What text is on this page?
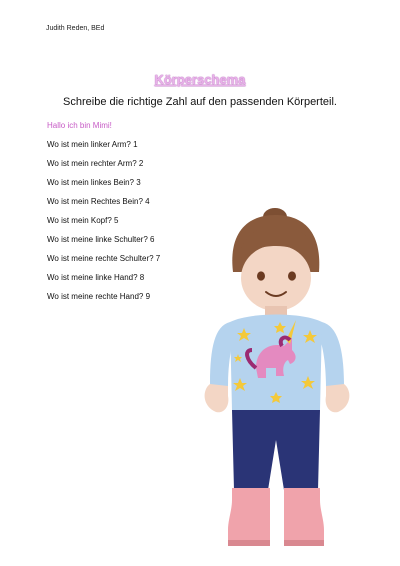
Judith Reden, BEd
Körperschema
Schreibe die richtige Zahl auf den passenden Körperteil.
Hallo ich bin Mimi!
Wo ist mein linker Arm? 1
Wo ist mein rechter Arm? 2
Wo ist mein linkes Bein? 3
Wo ist mein Rechtes Bein? 4
Wo ist mein Kopf? 5
Wo ist meine linke Schulter? 6
Wo ist meine rechte Schulter? 7
Wo ist meine linke Hand? 8
Wo ist meine rechte Hand? 9
